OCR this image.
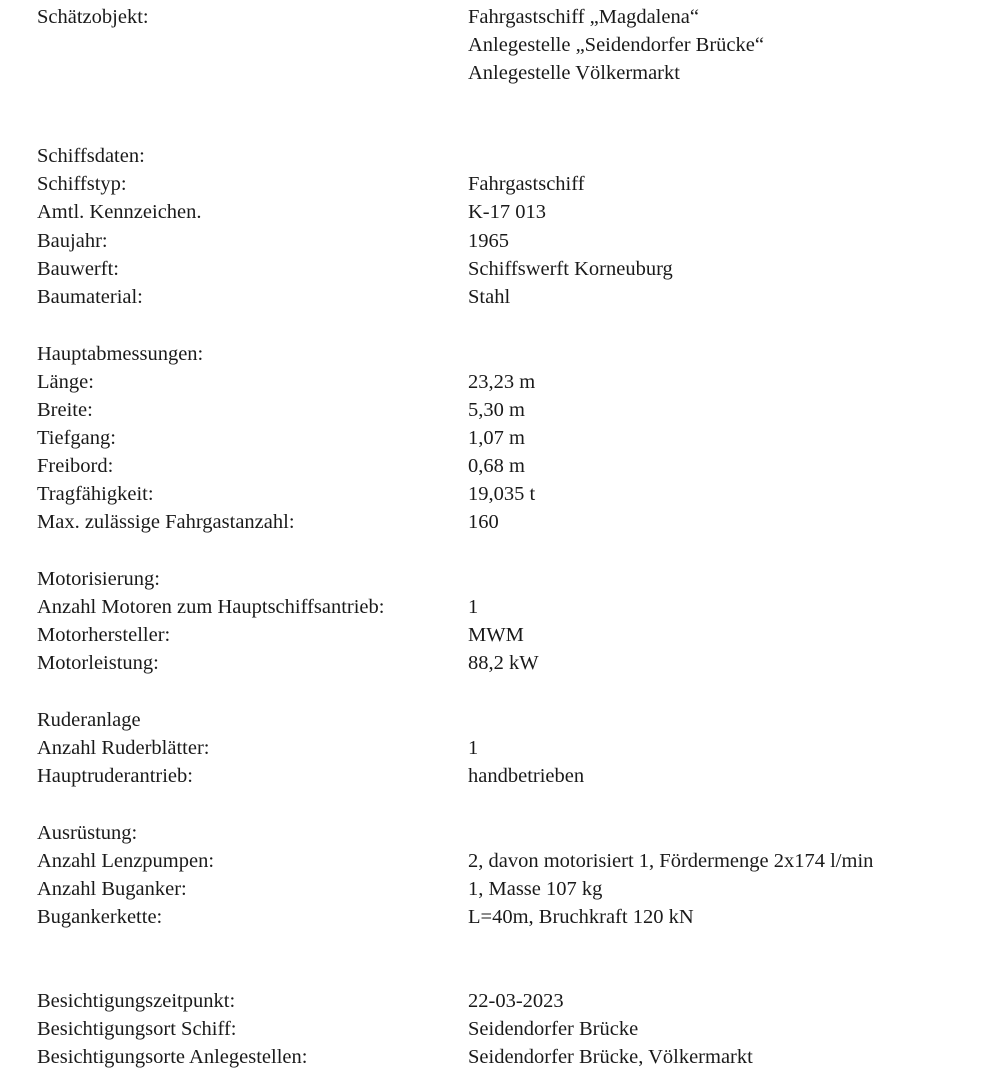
Schätzobjekt:	Fahrgastschiff „Magdalena“
Anlegestelle „Seidendorfer Brücke“
Anlegestelle Völkermarkt
Schiffsdaten:
Schiffstyp:	Fahrgastschiff
Amtl. Kennzeichen.	K-17 013
Baujahr:	1965
Bauwerft:	Schiffswerft Korneuburg
Baumaterial:	Stahl
Hauptabmessungen:
Länge:	23,23 m
Breite:	5,30 m
Tiefgang:	1,07 m
Freibord:	0,68 m
Tragfähigkeit:	19,035 t
Max. zulässige Fahrgastanzahl:	160
Motorisierung:
Anzahl Motoren zum Hauptschiffsantrieb:	1
Motorhersteller:	MWM
Motorleistung:	88,2 kW
Ruderanlage
Anzahl Ruderblätter:	1
Hauptruderantrieb:	handbetrieben
Ausrüstung:
Anzahl Lenzpumpen:	2, davon motorisiert 1, Fördermenge 2x174 l/min
Anzahl Buganker:	1, Masse 107 kg
Bugankerkette:	L=40m, Bruchkraft 120 kN
Besichtigungszeitpunkt:	22-03-2023
Besichtigungsort Schiff:	Seidendorfer Brücke
Besichtigungsorte Anlegestellen:	Seidendorfer Brücke, Völkermarkt
